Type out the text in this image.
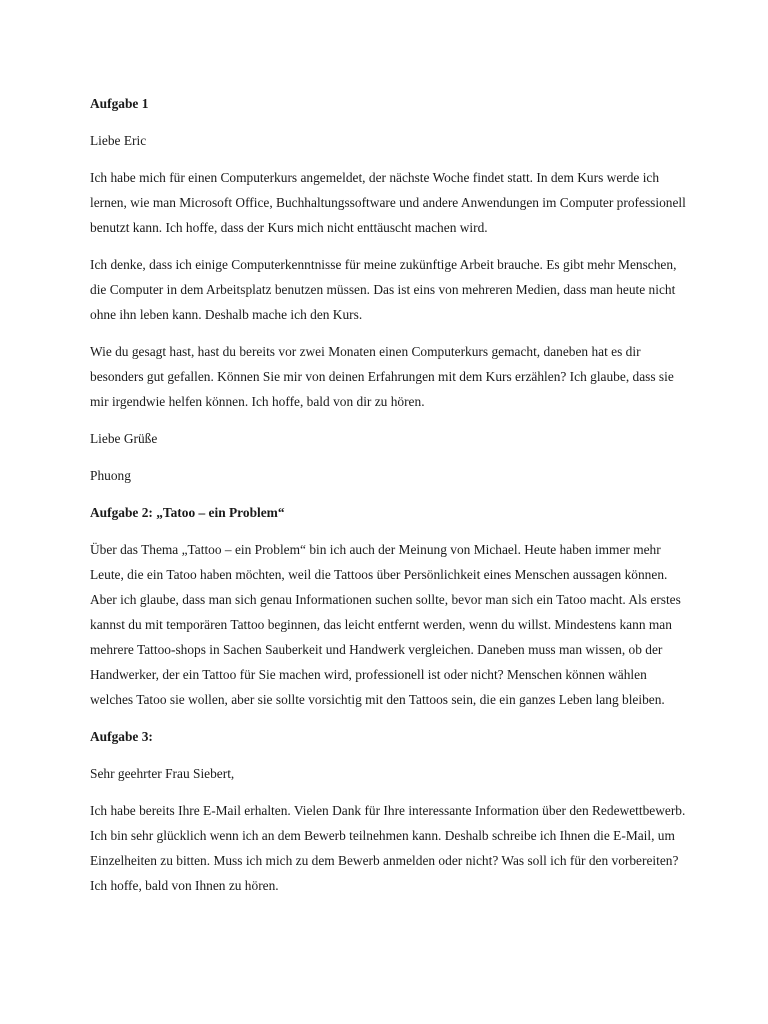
Aufgabe 1

Liebe Eric

Ich habe mich für einen Computerkurs angemeldet, der nächste Woche findet statt. In dem Kurs werde ich lernen, wie man Microsoft Office, Buchhaltungssoftware und andere Anwendungen im Computer professionell benutzt kann. Ich hoffe, dass der Kurs mich nicht enttäuscht machen wird.

Ich denke, dass ich einige Computerkenntnisse für meine zukünftige Arbeit brauche. Es gibt mehr Menschen, die Computer in dem Arbeitsplatz benutzen müssen. Das ist eins von mehreren Medien, dass man heute nicht ohne ihn leben kann. Deshalb mache ich den Kurs.

Wie du gesagt hast, hast du bereits vor zwei Monaten einen Computerkurs gemacht, daneben hat es dir besonders gut gefallen. Können Sie mir von deinen Erfahrungen mit dem Kurs erzählen? Ich glaube, dass sie mir irgendwie helfen können. Ich hoffe, bald von dir zu hören.

Liebe Grüße

Phuong

Aufgabe 2: „Tatoo – ein Problem“

Über das Thema „Tattoo – ein Problem“ bin ich auch der Meinung von Michael. Heute haben immer mehr Leute, die ein Tatoo haben möchten, weil die Tattoos über Persönlichkeit eines Menschen aussagen können. Aber ich glaube, dass man sich genau Informationen suchen sollte, bevor man sich ein Tatoo macht. Als erstes kannst du mit temporären Tattoo beginnen, das leicht entfernt werden, wenn du willst. Mindestens kann man mehrere Tattoo-shops in Sachen Sauberkeit und Handwerk vergleichen. Daneben muss man wissen, ob der Handwerker, der ein Tattoo für Sie machen wird, professionell ist oder nicht? Menschen können wählen welches Tatoo sie wollen, aber sie sollte vorsichtig mit den Tattoos sein, die ein ganzes Leben lang bleiben.

Aufgabe 3:

Sehr geehrter Frau Siebert,

Ich habe bereits Ihre E-Mail erhalten. Vielen Dank für Ihre interessante Information über den Redewettbewerb. Ich bin sehr glücklich wenn ich an dem Bewerb teilnehmen kann. Deshalb schreibe ich Ihnen die E-Mail, um Einzelheiten zu bitten. Muss ich mich zu dem Bewerb anmelden oder nicht? Was soll ich für den vorbereiten? Ich hoffe, bald von Ihnen zu hören.
